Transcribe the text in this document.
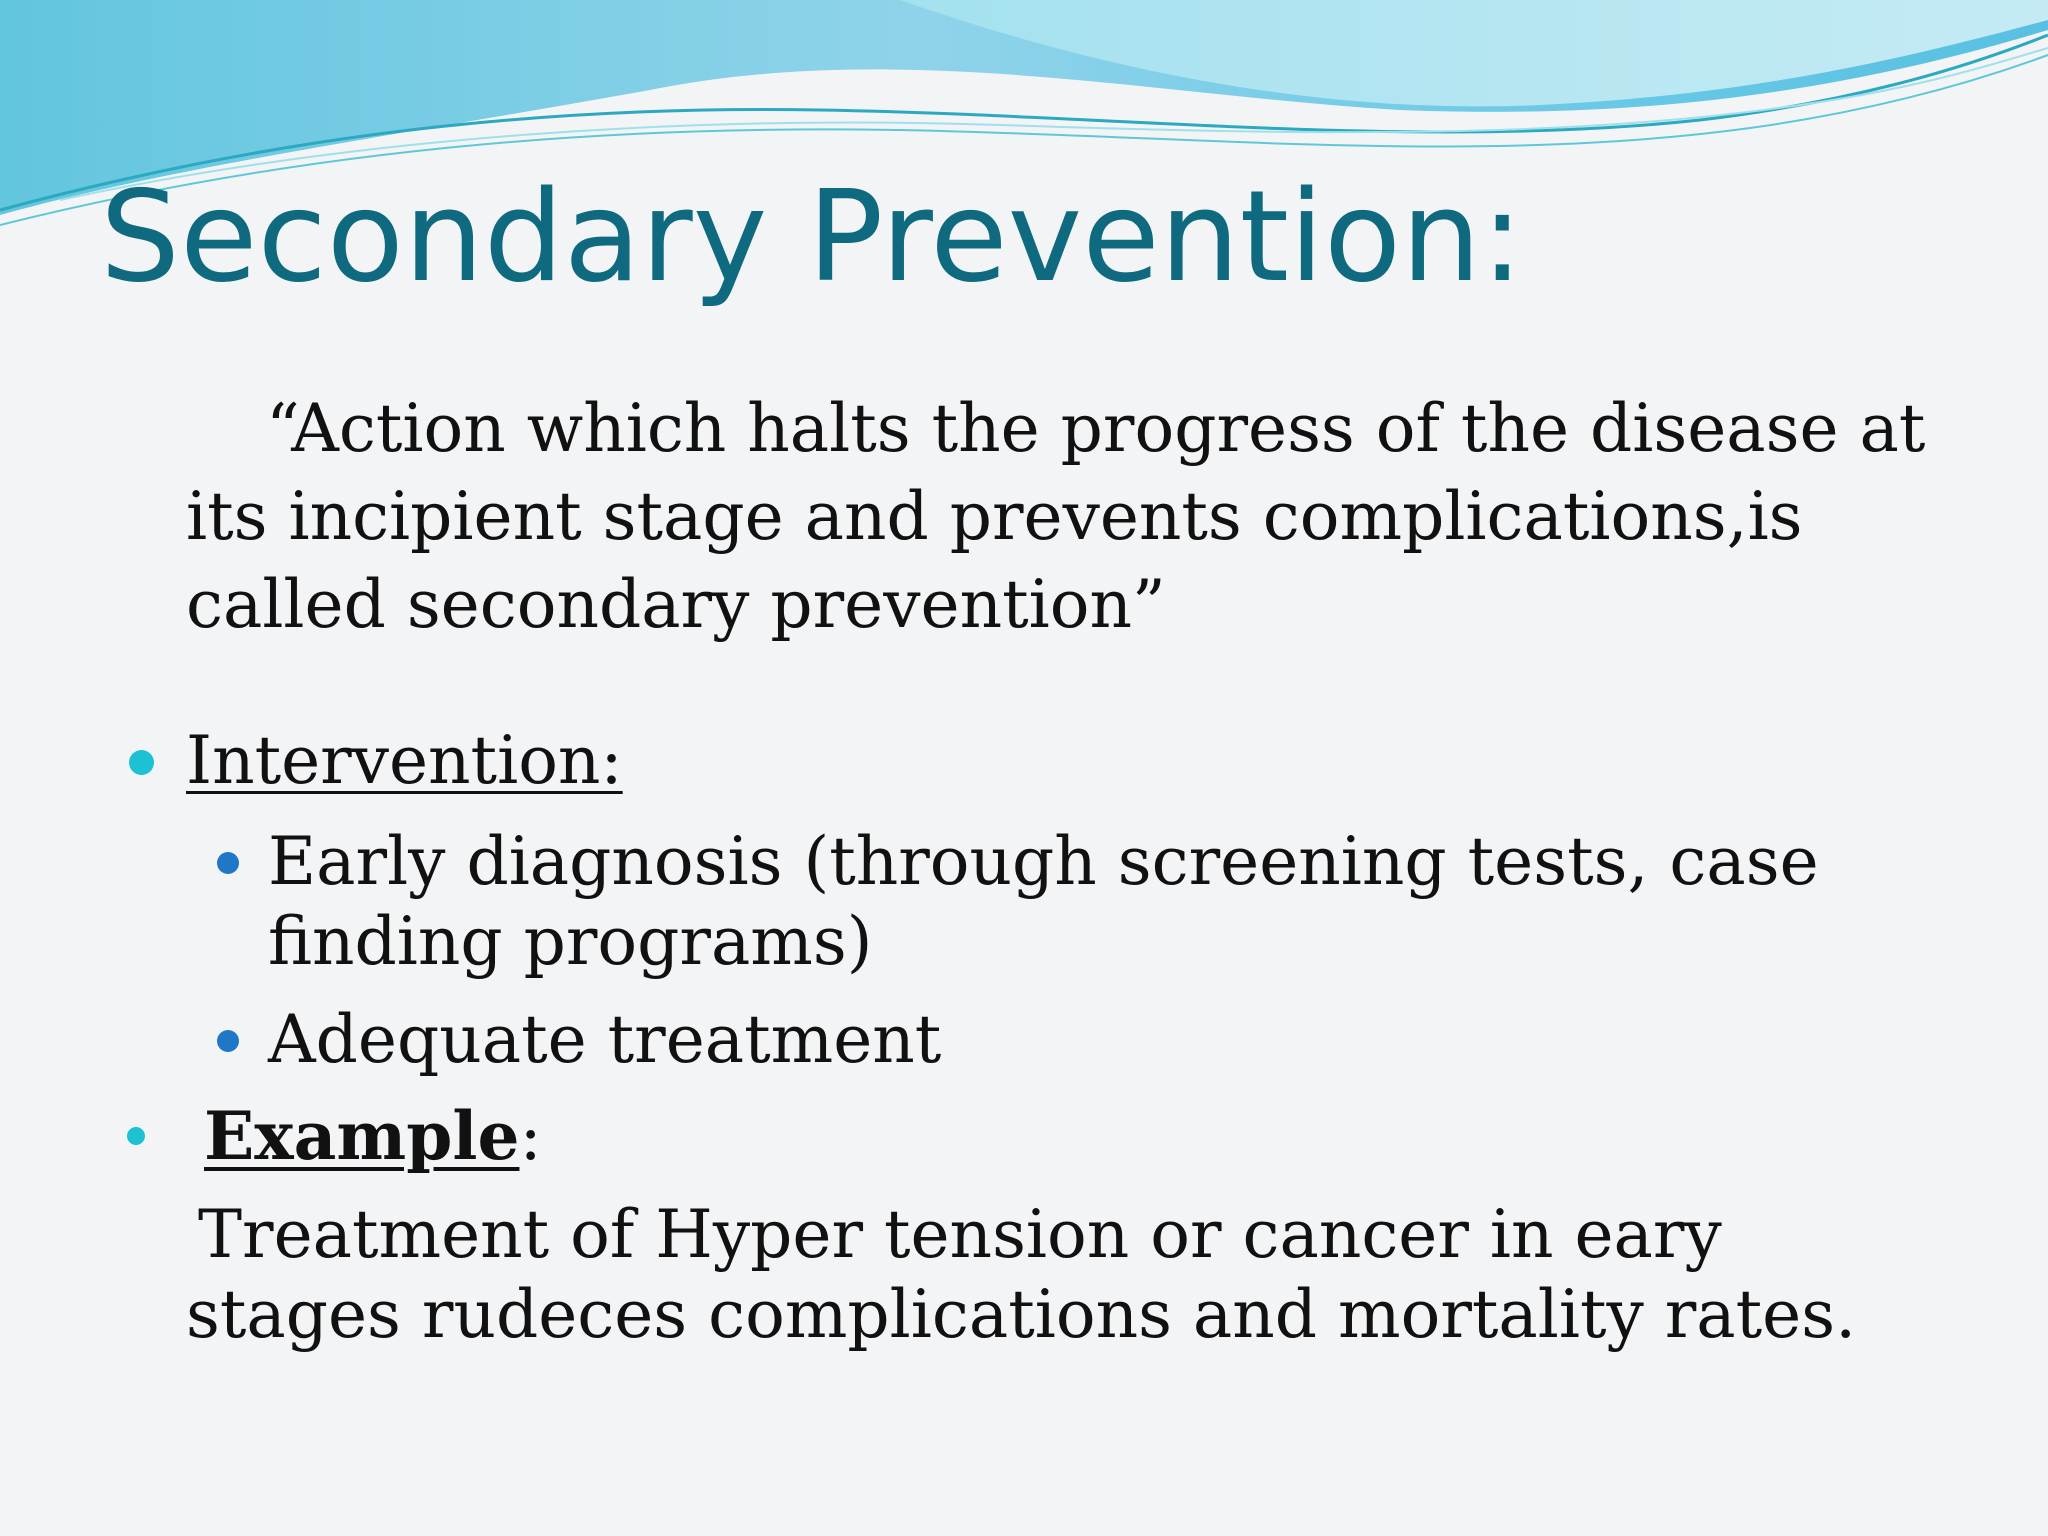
Secondary Prevention:

“Action which halts the progress of the disease at its incipient stage and prevents complications,is called secondary prevention”

Intervention:

Early diagnosis (through screening tests, case finding programs)

Adequate treatment

Example:

Treatment of Hyper tension or cancer in eary stages rudeces complications and mortality rates.
